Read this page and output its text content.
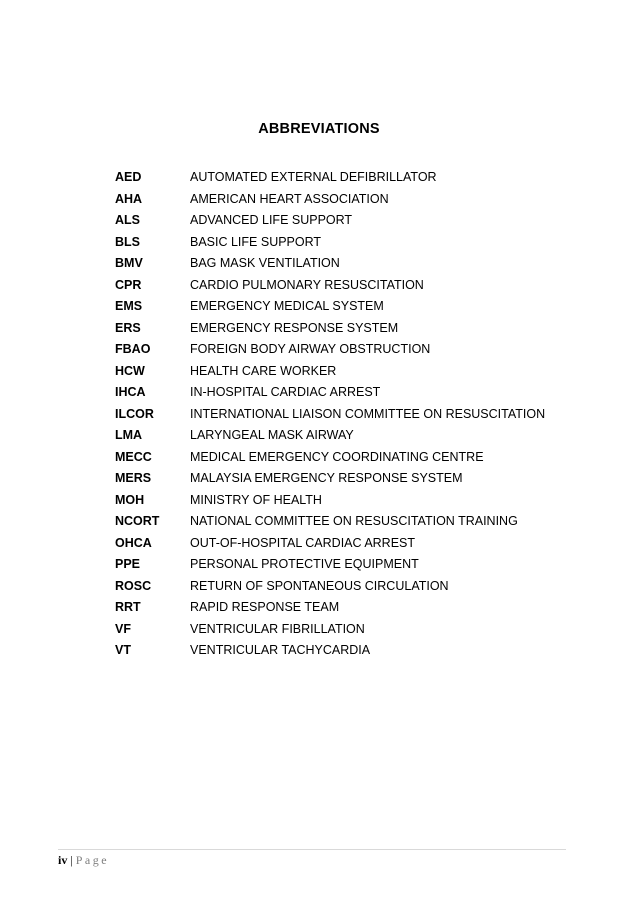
ABBREVIATIONS
AED	AUTOMATED EXTERNAL DEFIBRILLATOR
AHA	AMERICAN HEART ASSOCIATION
ALS	ADVANCED LIFE SUPPORT
BLS	BASIC LIFE SUPPORT
BMV	BAG MASK VENTILATION
CPR	CARDIO PULMONARY RESUSCITATION
EMS	EMERGENCY MEDICAL SYSTEM
ERS	EMERGENCY RESPONSE SYSTEM
FBAO	FOREIGN BODY AIRWAY OBSTRUCTION
HCW	HEALTH CARE WORKER
IHCA	IN-HOSPITAL CARDIAC ARREST
ILCOR	INTERNATIONAL LIAISON COMMITTEE ON RESUSCITATION
LMA	LARYNGEAL MASK AIRWAY
MECC	MEDICAL EMERGENCY COORDINATING CENTRE
MERS	MALAYSIA EMERGENCY RESPONSE SYSTEM
MOH	MINISTRY OF HEALTH
NCORT	NATIONAL COMMITTEE ON RESUSCITATION TRAINING
OHCA	OUT-OF-HOSPITAL CARDIAC ARREST
PPE	PERSONAL PROTECTIVE EQUIPMENT
ROSC	RETURN OF SPONTANEOUS CIRCULATION
RRT	RAPID RESPONSE TEAM
VF	VENTRICULAR FIBRILLATION
VT	VENTRICULAR TACHYCARDIA
iv | Page
